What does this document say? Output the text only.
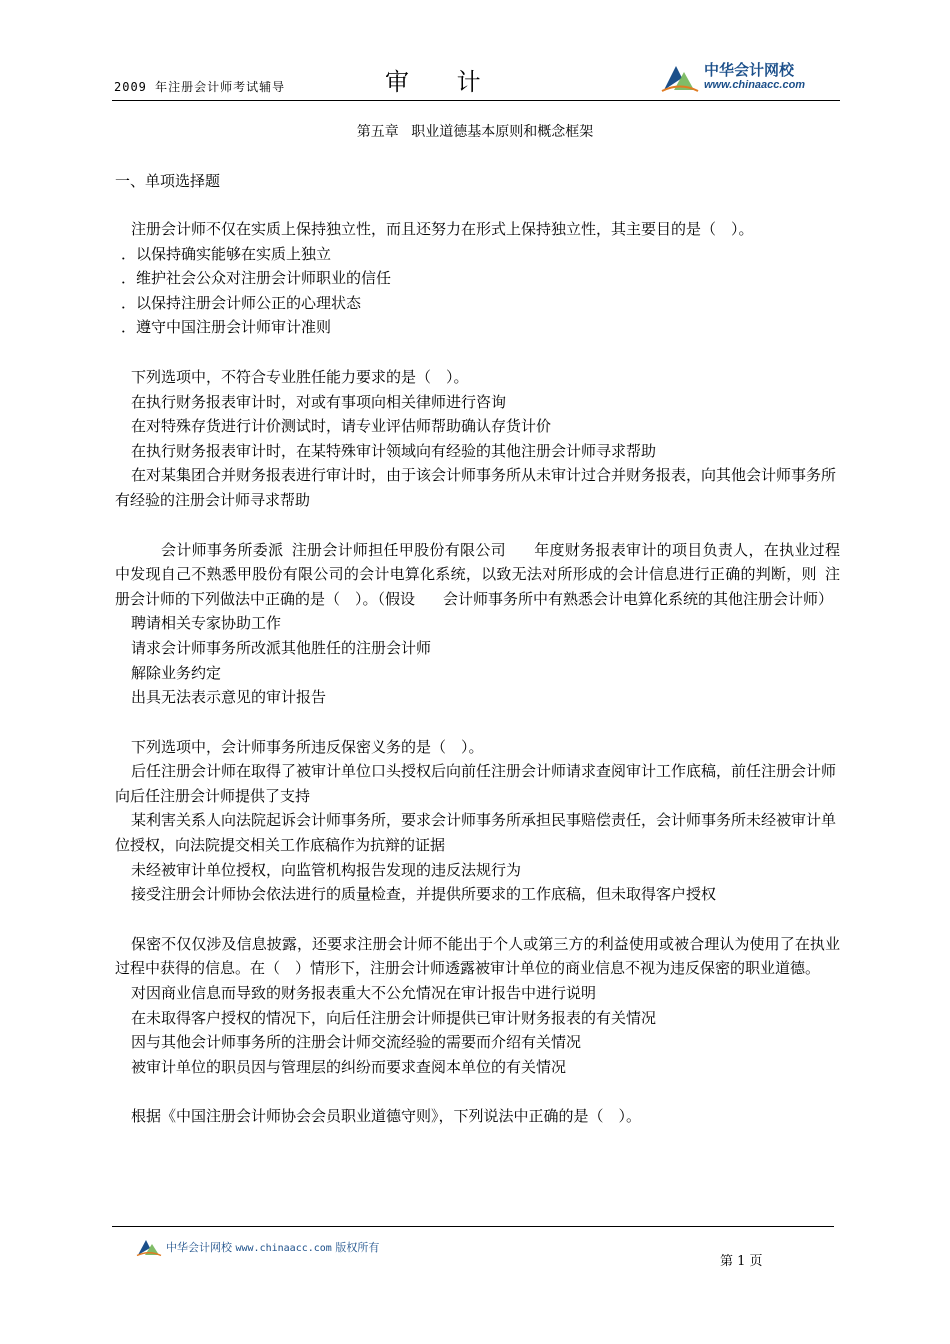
2009 年注册会计师考试辅导	审 计	中华会计网校
www.chinaacc.com
第五章 职业道德基本原则和概念框架
一、单项选择题

注册会计师不仅在实质上保持独立性，而且还努力在形式上保持独立性，其主要目的是（　）。

．以保持确实能够在实质上独立

．维护社会公众对注册会计师职业的信任

．以保持注册会计师公正的心理状态

．遵守中国注册会计师审计准则

下列选项中，不符合专业胜任能力要求的是（　）。

在执行财务报表审计时，对或有事项向相关律师进行咨询

在对特殊存货进行计价测试时，请专业评估师帮助确认存货计价

在执行财务报表审计时，在某特殊审计领域向有经验的其他注册会计师寻求帮助

在对某集团合并财务报表进行审计时，由于该会计师事务所从未审计过合并财务报表，向其他会计师事务所有经验的注册会计师寻求帮助

会计师事务所委派 注册会计师担任甲股份有限公司 年度财务报表审计的项目负责人，在执业过程中发现自己不熟悉甲股份有限公司的会计电算化系统，以致无法对所形成的会计信息进行正确的判断，则 注册会计师的下列做法中正确的是（　）。（假设 会计师事务所中有熟悉会计电算化系统的其他注册会计师）

聘请相关专家协助工作

请求会计师事务所改派其他胜任的注册会计师

解除业务约定

出具无法表示意见的审计报告

下列选项中，会计师事务所违反保密义务的是（　）。

后任注册会计师在取得了被审计单位口头授权后向前任注册会计师请求查阅审计工作底稿，前任注册会计师向后任注册会计师提供了支持

某利害关系人向法院起诉会计师事务所，要求会计师事务所承担民事赔偿责任，会计师事务所未经被审计单位授权，向法院提交相关工作底稿作为抗辩的证据

未经被审计单位授权，向监管机构报告发现的违反法规行为

接受注册会计师协会依法进行的质量检查，并提供所要求的工作底稿，但未取得客户授权

保密不仅仅涉及信息披露，还要求注册会计师不能出于个人或第三方的利益使用或被合理认为使用了在执业过程中获得的信息。在（　）情形下，注册会计师透露被审计单位的商业信息不视为违反保密的职业道德。

对因商业信息而导致的财务报表重大不公允情况在审计报告中进行说明

在未取得客户授权的情况下，向后任注册会计师提供已审计财务报表的有关情况

因与其他会计师事务所的注册会计师交流经验的需要而介绍有关情况

被审计单位的职员因与管理层的纠纷而要求查阅本单位的有关情况

根据《中国注册会计师协会会员职业道德守则》，下列说法中正确的是（　）。

中华会计网校 www.chinaacc.com 版权所有
第 1 页
